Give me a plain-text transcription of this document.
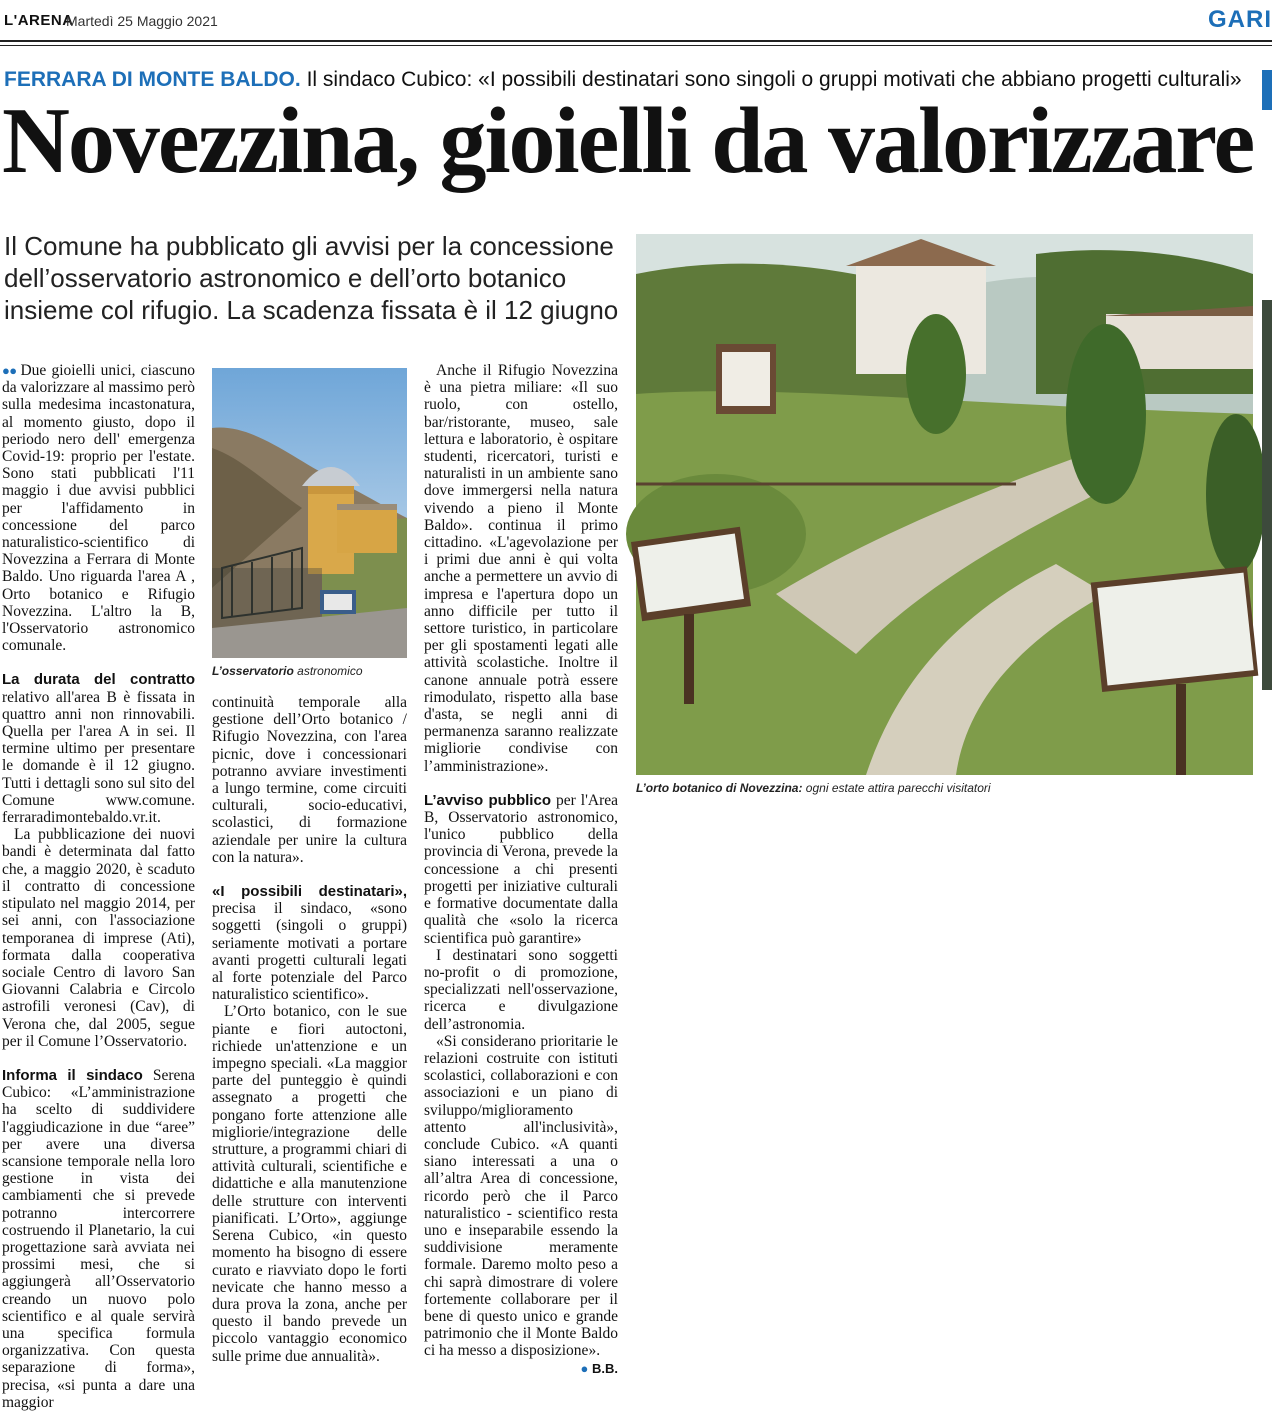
L'ARENA
Martedì 25 Maggio 2021	GARI
FERRARA DI MONTE BALDO. Il sindaco Cubico: «I possibili destinatari sono singoli o gruppi motivati che abbiano progetti culturali»
Novezzina, gioielli da valorizzare
Il Comune ha pubblicato gli avvisi per la concessione dell’osservatorio astronomico e dell’orto botanico insieme col rifugio. La scadenza fissata è il 12 giugno
L’osservatorio astronomico
L’orto botanico di Novezzina: ogni estate attira parecchi visitatori

●● Due gioielli unici, ciascuno da valorizzare al massimo però sulla medesima incastonatura, al momento giusto, dopo il periodo nero dell' emergenza Covid-19: proprio per l'estate. Sono stati pubblicati l'11 maggio i due avvisi pubblici per l'affidamento in concessione del parco naturalistico-scientifico di Novezzina a Ferrara di Monte Baldo. Uno riguarda l'area A , Orto botanico e Rifugio Novezzina. L'altro la B, l'Osservatorio astronomico comunale.

La durata del contratto relativo all'area B è fissata in quattro anni non rinnovabili. Quella per l'area A in sei. Il termine ultimo per presentare le domande è il 12 giugno. Tutti i dettagli sono sul sito del Comune www.comune. ferraradimontebaldo.vr.it.

La pubblicazione dei nuovi bandi è determinata dal fatto che, a maggio 2020, è scaduto il contratto di concessione stipulato nel maggio 2014, per sei anni, con l'associazione temporanea di imprese (Ati), formata dalla cooperativa sociale Centro di lavoro San Giovanni Calabria e Circolo astrofili veronesi (Cav), di Verona che, dal 2005, segue per il Comune l’Osservatorio.

Informa il sindaco Serena Cubico: «L’amministrazione ha scelto di suddividere l'aggiudicazione in due “aree” per avere una diversa scansione temporale nella loro gestione in vista dei cambiamenti che si prevede potranno intercorrere costruendo il Planetario, la cui progettazione sarà avviata nei prossimi mesi, che si aggiungerà all’Osservatorio creando un nuovo polo scientifico e al quale servirà una specifica formula organizzativa. Con questa separazione di forma», precisa, «si punta a dare una maggior

continuità temporale alla gestione dell’Orto botanico / Rifugio Novezzina, con l'area picnic, dove i concessionari potranno avviare investimenti a lungo termine, come circuiti culturali, socio-educativi, scolastici, di formazione aziendale per unire la cultura con la natura».

«I possibili destinatari», precisa il sindaco, «sono soggetti (singoli o gruppi) seriamente motivati a portare avanti progetti culturali legati al forte potenziale del Parco naturalistico scientifico».

L’Orto botanico, con le sue piante e fiori autoctoni, richiede un'attenzione e un impegno speciali. «La maggior parte del punteggio è quindi assegnato a progetti che pongano forte attenzione alle migliorie/integrazione delle strutture, a programmi chiari di attività culturali, scientifiche e didattiche e alla manutenzione delle strutture con interventi pianificati. L’Orto», aggiunge Serena Cubico, «in questo momento ha bisogno di essere curato e riavviato dopo le forti nevicate che hanno messo a dura prova la zona, anche per questo il bando prevede un piccolo vantaggio economico sulle prime due annualità».

Anche il Rifugio Novezzina è una pietra miliare: «Il suo ruolo, con ostello, bar/ristorante, museo, sale lettura e laboratorio, è ospitare studenti, ricercatori, turisti e naturalisti in un ambiente sano dove immergersi nella natura vivendo a pieno il Monte Baldo». continua il primo cittadino. «L'agevolazione per i primi due anni è qui volta anche a permettere un avvio di impresa e l'apertura dopo un anno difficile per tutto il settore turistico, in particolare per gli spostamenti legati alle attività scolastiche. Inoltre il canone annuale potrà essere rimodulato, rispetto alla base d'asta, se negli anni di permanenza saranno realizzate migliorie condivise con l’amministrazione».

L’avviso pubblico per l'Area B, Osservatorio astronomico, l'unico pubblico della provincia di Verona, prevede la concessione a chi presenti progetti per iniziative culturali e formative documentate dalla qualità che «solo la ricerca scientifica può garantire»

I destinatari sono soggetti no-profit o di promozione, specializzati nell'osservazione, ricerca e divulgazione dell’astronomia.

«Si considerano prioritarie le relazioni costruite con istituti scolastici, collaborazioni e con associazioni e un piano di sviluppo/miglioramento attento all'inclusività», conclude Cubico. «A quanti siano interessati a una o all’altra Area di concessione, ricordo però che il Parco naturalistico - scientifico resta uno e inseparabile essendo la suddivisione meramente formale. Daremo molto peso a chi saprà dimostrare di volere fortemente collaborare per il bene di questo unico e grande patrimonio che il Monte Baldo ci ha messo a disposizione».
● B.B.
